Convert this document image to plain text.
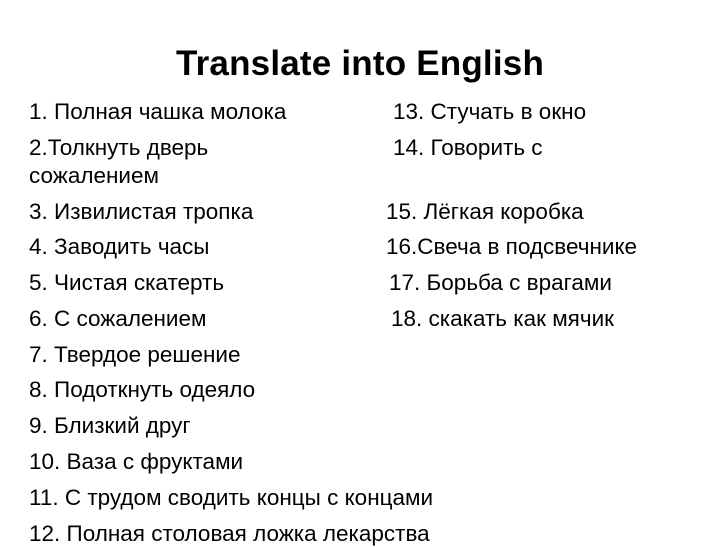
Translate into English
1. Полная чашка молока
2.Толкнуть дверь
сожалением
3. Извилистая тропка
4. Заводить часы
5. Чистая скатерть
6. С сожалением
7. Твердое решение
8. Подоткнуть одеяло
9. Близкий друг
10. Ваза с фруктами
11. С трудом сводить концы с концами
12. Полная столовая ложка лекарства
13. Стучать в окно
14. Говорить с
15. Лёгкая коробка
16.Свеча в подсвечнике
17. Борьба с врагами
18. скакать как мячик
